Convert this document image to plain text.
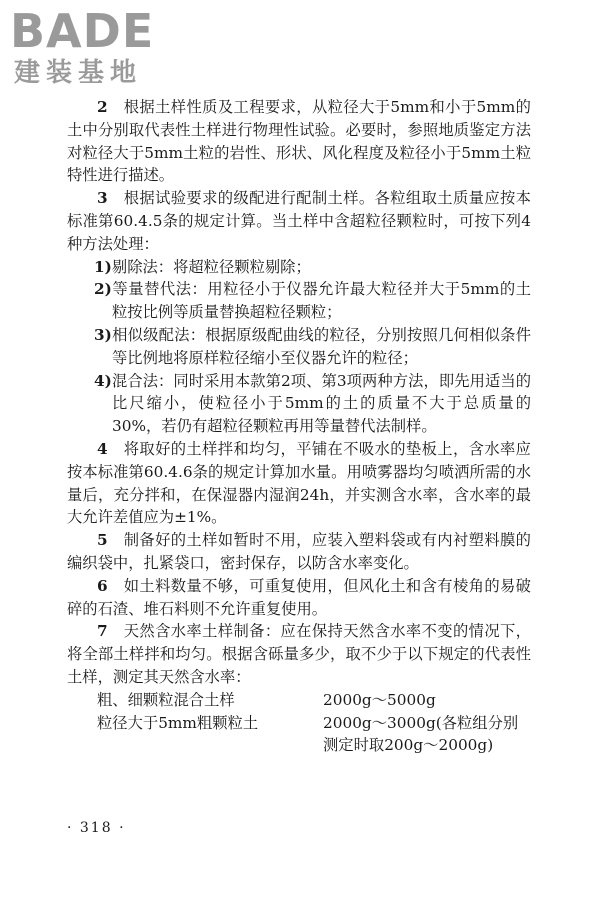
BADE
建装基地

2　 根据土样性质及工程要求，从粒径大于5mm和小于5mm的土中分别取代表性土样进行物理性试验。必要时，参照地质鉴定方法对粒径大于5mm土粒的岩性、形状、风化程度及粒径小于5mm土粒特性进行描述。

3　 根据试验要求的级配进行配制土样。各粒组取土质量应按本标准第60.4.5条的规定计算。当土样中含超粒径颗粒时，可按下列4种方法处理：

1)剔除法：将超粒径颗粒剔除；

2)等量替代法：用粒径小于仪器允许最大粒径并大于5mm的土粒按比例等质量替换超粒径颗粒；

3)相似级配法：根据原级配曲线的粒径，分别按照几何相似条件等比例地将原样粒径缩小至仪器允许的粒径；

4)混合法：同时采用本款第2项、第3项两种方法，即先用适当的比尺缩小，使粒径小于5mm的土的质量不大于总质量的30%，若仍有超粒径颗粒再用等量替代法制样。

4　 将取好的土样拌和均匀，平铺在不吸水的垫板上，含水率应按本标准第60.4.6条的规定计算加水量。用喷雾器均匀喷洒所需的水量后，充分拌和，在保湿器内湿润24h，并实测含水率，含水率的最大允许差值应为±1%。

5　 制备好的土样如暂时不用，应装入塑料袋或有内衬塑料膜的编织袋中，扎紧袋口，密封保存，以防含水率变化。

6　 如土料数量不够，可重复使用，但风化土和含有棱角的易破碎的石渣、堆石料则不允许重复使用。

7　 天然含水率土样制备：应在保持天然含水率不变的情况下，将全部土样拌和均匀。根据含砾量多少，取不少于以下规定的代表性土样，测定其天然含水率：

粗、细颗粒混合土样	2000g～5000g
粒径大于5mm粗颗粒土	2000g～3000g(各粒组分别测定时取200g～2000g)
· 318 ·
